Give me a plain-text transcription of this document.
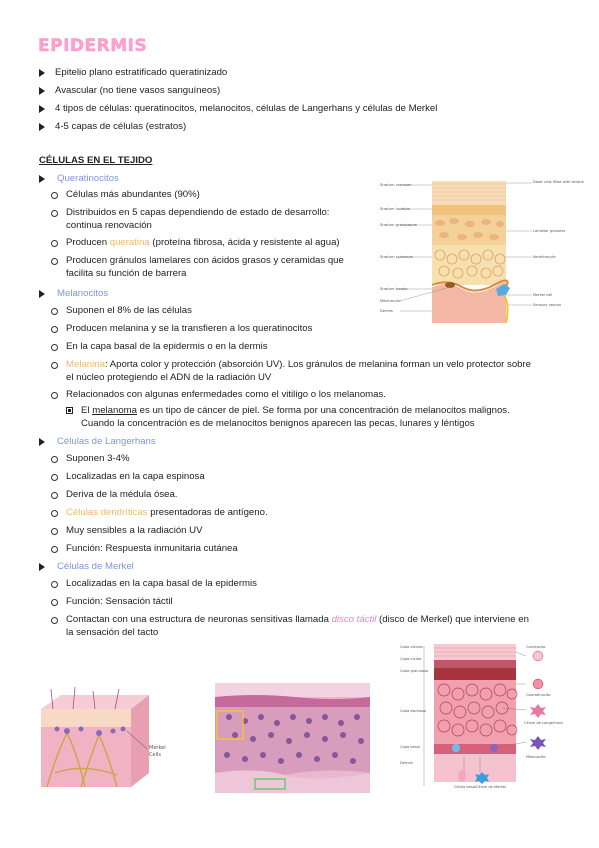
EPIDERMIS
Epitelio plano estratificado queratinizado
Avascular (no tiene vasos sanguíneos)
4 tipos de células: queratinocitos, melanocitos, células de Langerhans y células de Merkel
4-5 capas de células (estratos)
CÉLULAS EN EL TEJIDO
Queratinocitos
Células más abundantes (90%)
Distribuidos en 5 capas dependiendo de estado de desarrollo:
continua renovación
Producen queratina (proteína fibrosa, ácida y resistente al agua)
Producen gránulos lamelares con ácidos grasos y ceramidas que
facilita su función de barrera
Melanocitos
Suponen el 8% de las células
Producen melanina y se la transfieren a los queratinocitos
En la capa basal de la epidermis o en la dermis
Melanina: Aporta color y protección (absorción UV). Los gránulos de melanina forman un velo protector sobre
el núcleo protegiendo el ADN de la radiación UV
Relacionados con algunas enfermedades como el vitiligo o los melanomas.
El melanoma es un tipo de cáncer de piel. Se forma por una concentración de melanocitos malignos.
Cuando la concentración es de melanocitos benignos aparecen las pecas, lunares y léntigos
Células de Langerhans
Suponen 3-4%
Localizadas en la capa espinosa
Deriva de la médula ósea.
Células dendríticas presentadoras de antígeno.
Muy sensibles a la radiación UV
Función: Respuesta inmunitaria cutánea
Células de Merkel
Localizadas en la capa basal de la epidermis
Función: Sensación táctil
Contactan con una estructura de neuronas sensitivas llamada disco táctil (disco de Merkel) que interviene en
la sensación del tacto
Stratum corneum
Stratum lucidum
Stratum granulosum
Stratum spinosum
Stratum basale
Melanocyte
Dermis
Dead cells filled with keratin
Lamellar granules
Keratinocyte
Merkel cell
Sensory neuron
Merkel
Cells
Capa córnea
Capa lúcida
Capa granulosa
Capa espinosa
Capa basal
Dermis
Corneocito
Queratinocito
Célula de Langerhans
Melanocito
Célula basal Célula de Merkel
